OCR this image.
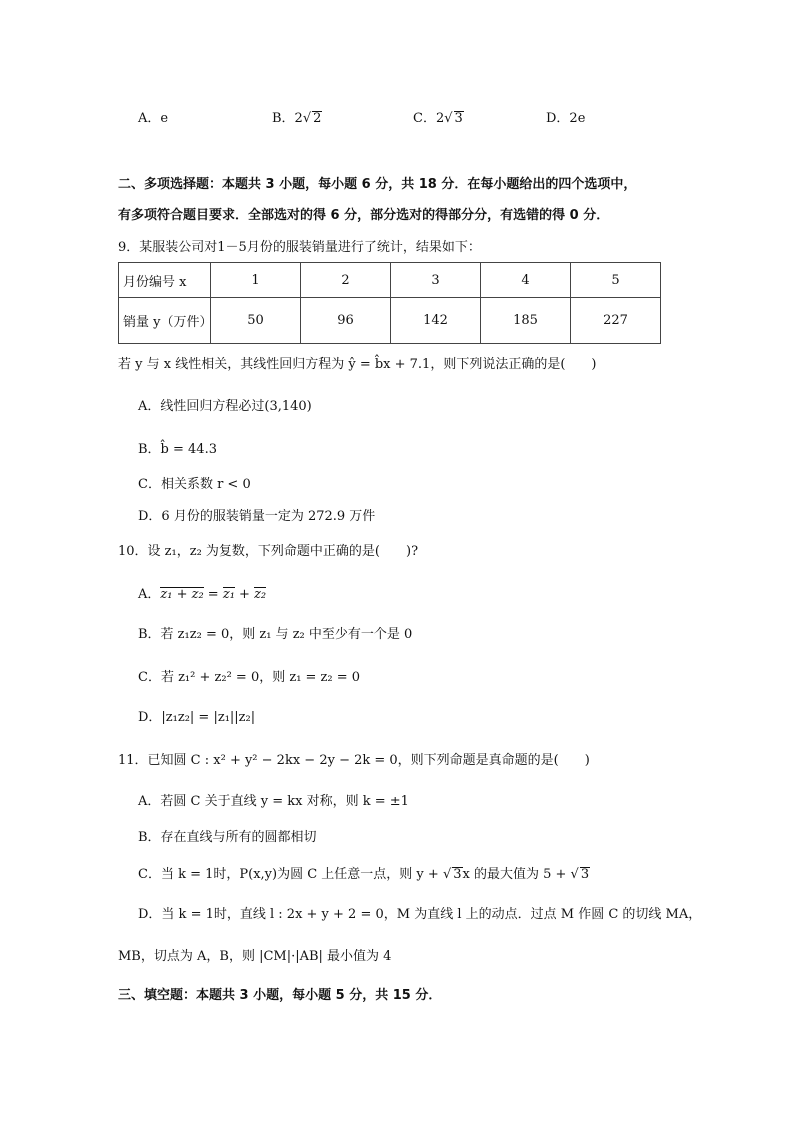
A．e	B．2√ 2	C．2√ 3	D．2e
二、多项选择题：本题共 3 小题，每小题 6 分，共 18 分．在每小题给出的四个选项中，
有多项符合题目要求．全部选对的得 6 分，部分选对的得部分分，有选错的得 0 分．
9．某服装公司对1－5月份的服装销量进行了统计，结果如下：
月份编号 x	1	2	3	4	5
销量 y（万件）	50	96	142	185	227
若 y 与 x 线性相关，其线性回归方程为 ŷ = b̂x + 7.1，则下列说法正确的是(　　)
A．线性回归方程必过(3,140)
B．b̂ = 44.3
C．相关系数 r < 0
D．6 月份的服装销量一定为 272.9 万件
10．设 z₁，z₂ 为复数，下列命题中正确的是(　　)?
A．z₁ + z₂ = z₁ + z₂
B．若 z₁z₂ = 0，则 z₁ 与 z₂ 中至少有一个是 0
C．若 z₁² + z₂² = 0，则 z₁ = z₂ = 0
D．|z₁z₂| = |z₁||z₂|
11．已知圆 C : x² + y² − 2kx − 2y − 2k = 0，则下列命题是真命题的是(　　)
A．若圆 C 关于直线 y = kx 对称，则 k = ±1
B．存在直线与所有的圆都相切
C．当 k = 1时，P(x,y)为圆 C 上任意一点，则 y + √ 3x 的最大值为 5 + √ 3
D．当 k = 1时，直线 l : 2x + y + 2 = 0，M 为直线 l 上的动点．过点 M 作圆 C 的切线 MA，
MB，切点为 A，B，则 |CM|·|AB| 最小值为 4
三、填空题：本题共 3 小题，每小题 5 分，共 15 分．
